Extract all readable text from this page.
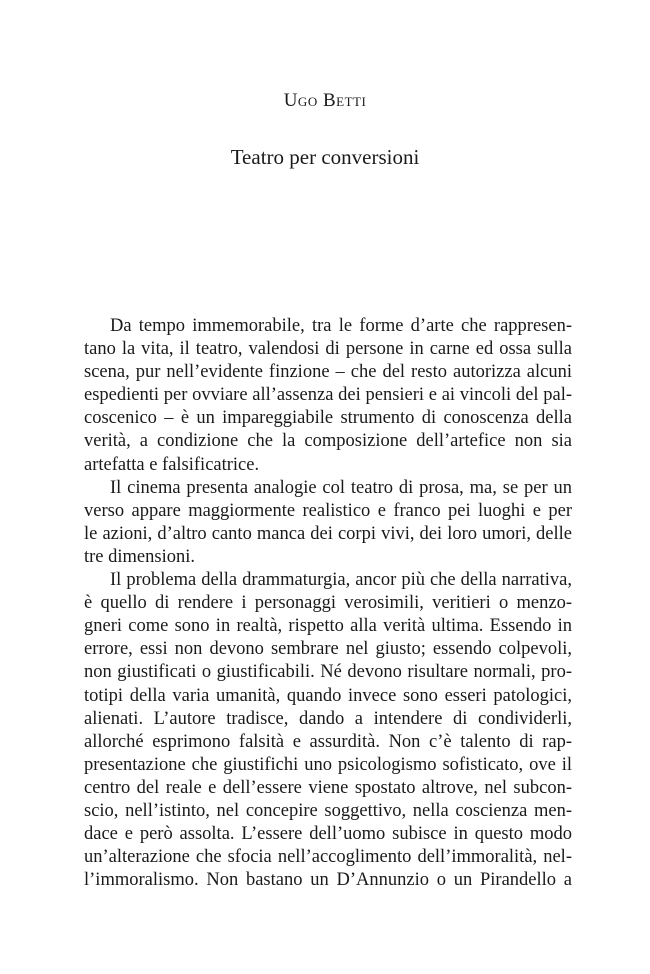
Ugo Betti
Teatro per conversioni
Da tempo immemorabile, tra le forme d’arte che rappresen-
tano la vita, il teatro, valendosi di persone in carne ed ossa sulla
scena, pur nell’evidente finzione – che del resto autorizza alcuni
espedienti per ovviare all’assenza dei pensieri e ai vincoli del pal-
coscenico – è un impareggiabile strumento di conoscenza della
verità, a condizione che la composizione dell’artefice non sia
artefatta e falsificatrice.
Il cinema presenta analogie col teatro di prosa, ma, se per un
verso appare maggiormente realistico e franco pei luoghi e per
le azioni, d’altro canto manca dei corpi vivi, dei loro umori, delle
tre dimensioni.
Il problema della drammaturgia, ancor più che della narrativa,
è quello di rendere i personaggi verosimili, veritieri o menzo-
gneri come sono in realtà, rispetto alla verità ultima. Essendo in
errore, essi non devono sembrare nel giusto; essendo colpevoli,
non giustificati o giustificabili. Né devono risultare normali, pro-
totipi della varia umanità, quando invece sono esseri patologici,
alienati. L’autore tradisce, dando a intendere di condividerli,
allorché esprimono falsità e assurdità. Non c’è talento di rap-
presentazione che giustifichi uno psicologismo sofisticato, ove il
centro del reale e dell’essere viene spostato altrove, nel subcon-
scio, nell’istinto, nel concepire soggettivo, nella coscienza men-
dace e però assolta. L’essere dell’uomo subisce in questo modo
un’alterazione che sfocia nell’accoglimento dell’immoralità, nel-
l’immoralismo. Non bastano un D’Annunzio o un Pirandello a
